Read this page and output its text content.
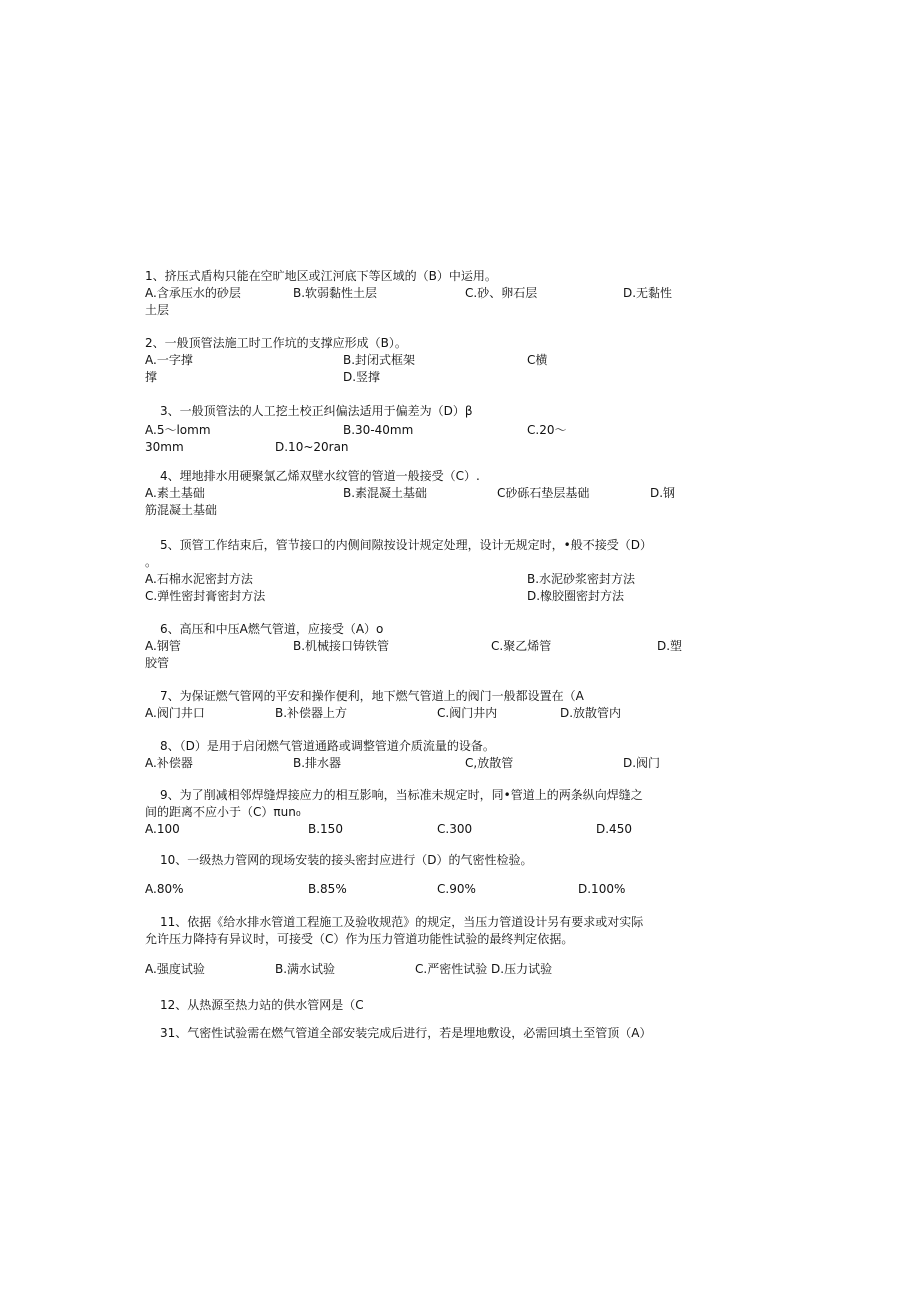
1、挤压式盾构只能在空旷地区或江河底下等区域的（B）中运用。
A.含承压水的砂层	B.软弱黏性土层	C.砂、卵石层	D.无黏性
土层
2、一般顶管法施工时工作坑的支撑应形成（B）。
A.一字撑	B.封闭式框架	C横
撑	D.竖撑
3、一般顶管法的人工挖土校正纠偏法适用于偏差为（D）β
A.5～lomm	B.30-40mm	C.20～
30mm	D.10~20ran
4、埋地排水用硬聚氯乙烯双壁水纹管的管道一般接受（C）.
A.素土基础	B.素混凝土基础	C砂砾石垫层基础	D.钢
筋混凝土基础
5、顶管工作结束后，管节接口的内侧间隙按设计规定处理，设计无规定时，•般不接受（D）
。
A.石棉水泥密封方法	B.水泥砂浆密封方法
C.弹性密封膏密封方法	D.橡胶圈密封方法
6、高压和中压A燃气管道，应接受（A）o
A.钢管	B.机械接口铸铁管	C.聚乙烯管	D.塑
胶管
7、为保证燃气管网的平安和操作便利，地下燃气管道上的阀门一般都设置在（A
A.阀门井口	B.补偿器上方	C.阀门井内	D.放散管内
8、（D）是用于启闭燃气管道通路或调整管道介质流量的设备。
A.补偿器	B.排水器	C,放散管	D.阀门
9、为了削减相邻焊缝焊接应力的相互影响，当标准未规定时，同•管道上的两条纵向焊缝之
间的距离不应小于（C）πun₀
A.100	B.150	C.300	D.450
10、一级热力管网的现场安装的接头密封应进行（D）的气密性检验。
A.80%	B.85%	C.90%	D.100%
11、依据《给水排水管道工程施工及验收规范》的规定，当压力管道设计另有要求或对实际
允许压力降持有异议时，可接受（C）作为压力管道功能性试验的最终判定依据。
A.强度试验	B.满水试验	C.严密性试验 D.压力试验
12、从热源至热力站的供水管网是（C
31、气密性试验需在燃气管道全部安装完成后进行，若是埋地敷设，必需回填土至管顶（A）
